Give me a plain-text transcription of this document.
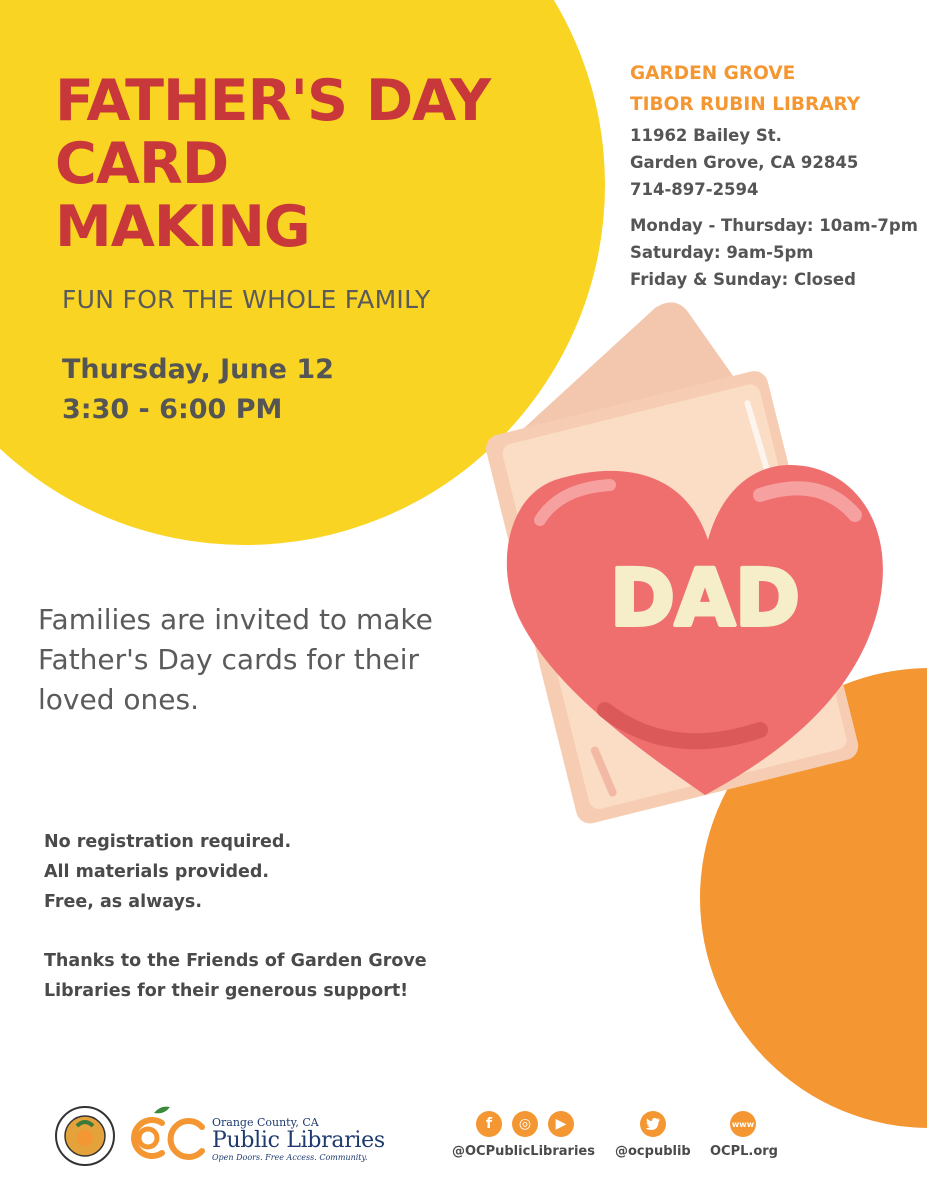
FATHER'S DAY
CARD
MAKING
FUN FOR THE WHOLE FAMILY
Thursday, June 12
3:30 - 6:00 PM
GARDEN GROVE
TIBOR RUBIN LIBRARY
11962 Bailey St.
Garden Grove, CA 92845
714-897-2594
Monday - Thursday: 10am-7pm
Saturday: 9am-5pm
Friday & Sunday: Closed
DAD

Families are invited to make Father's Day cards for their loved ones.

No registration required.
All materials provided.
Free, as always.
Thanks to the Friends of Garden Grove
Libraries for their generous support!
Orange County, CA
Public Libraries
Open Doors. Free Access. Community.
f	◎	▶	www
@OCPublicLibraries @ocpublib OCPL.org
